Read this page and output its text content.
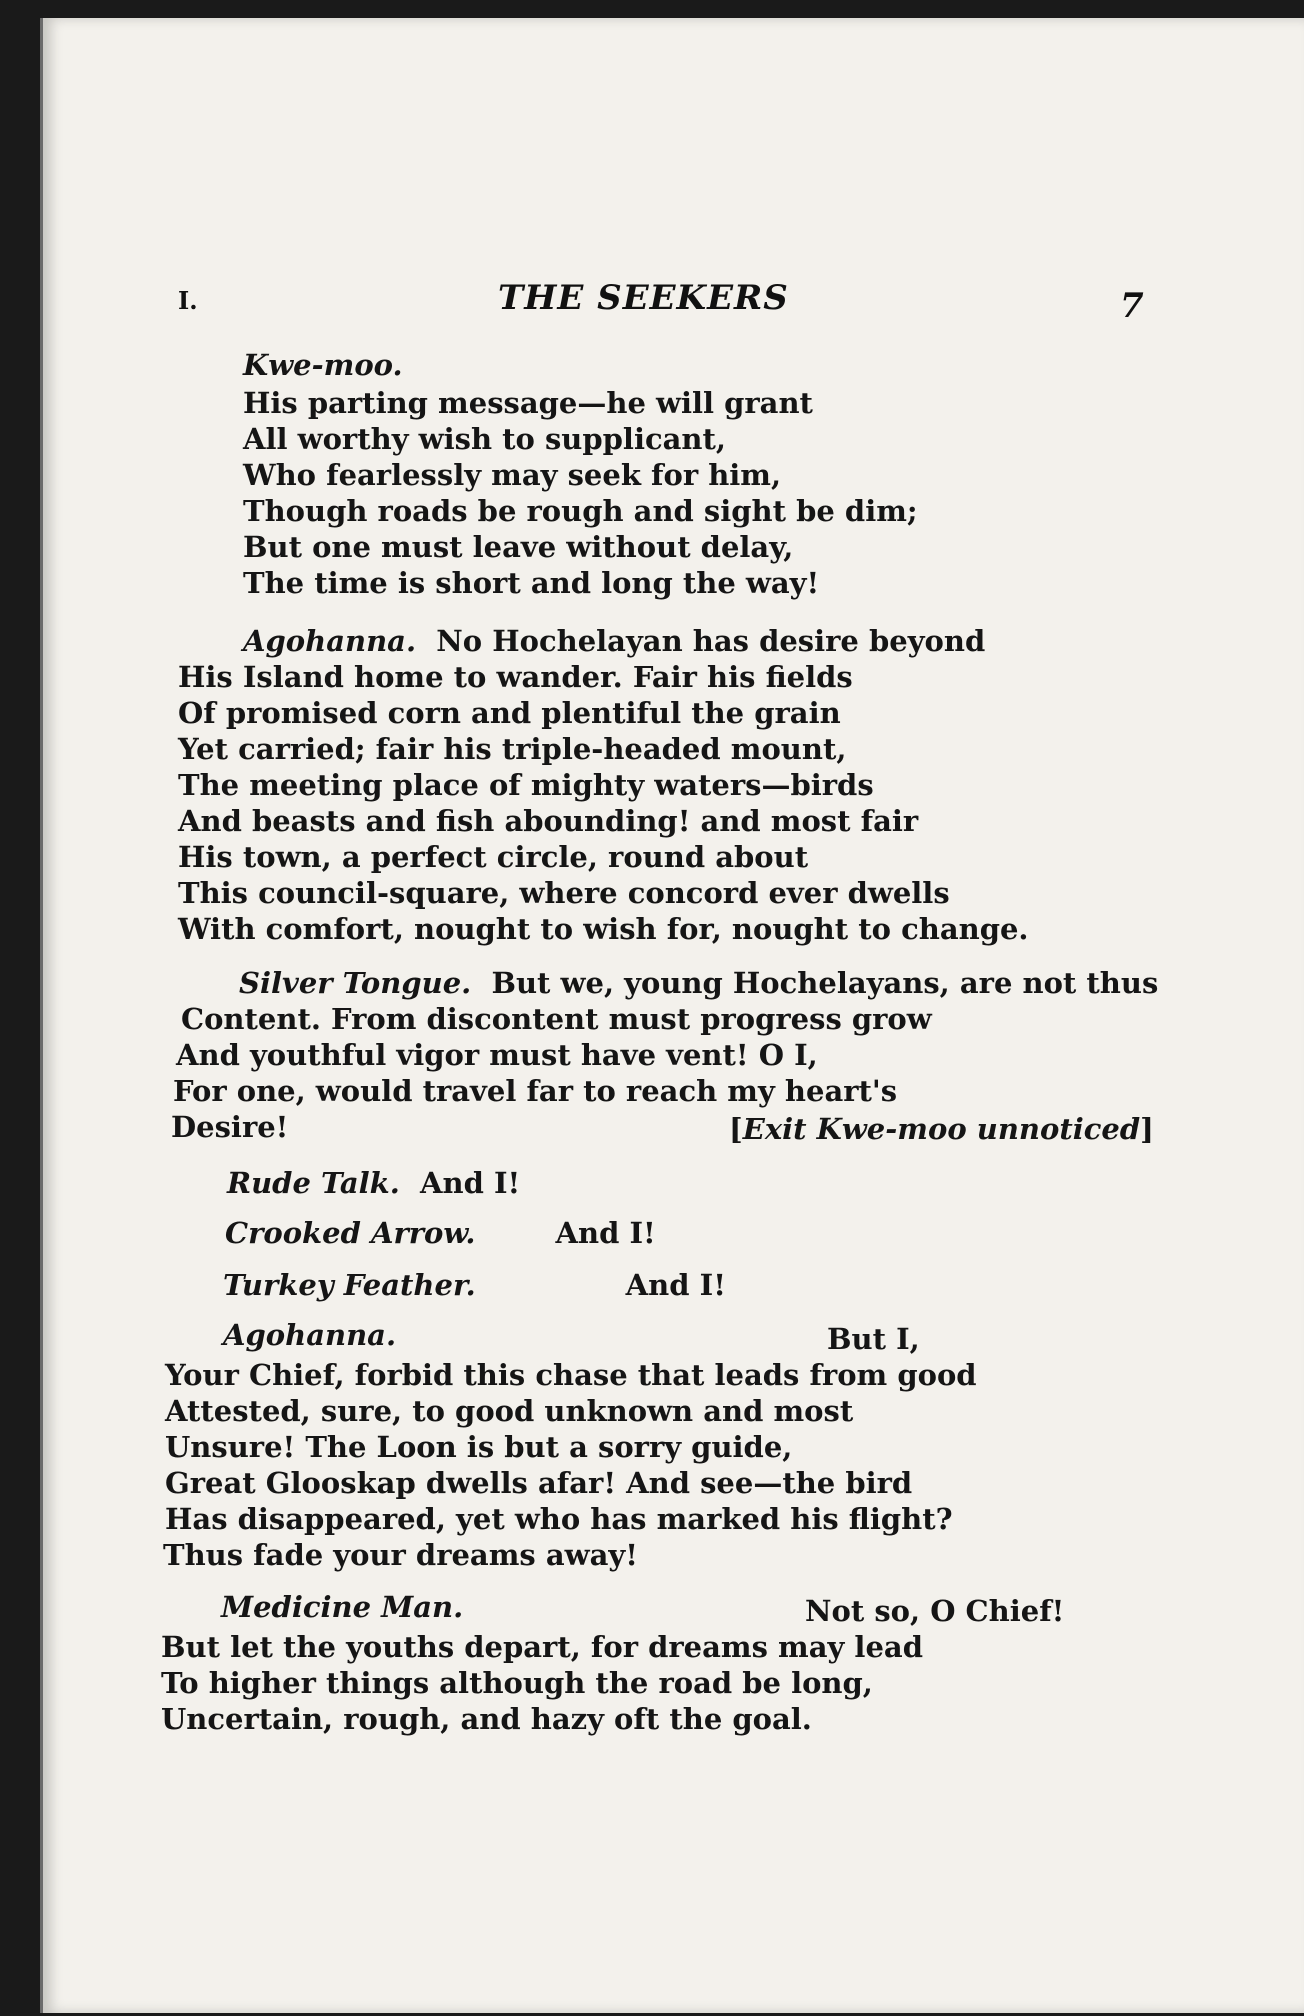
I.	THE SEEKERS	7
Kwe-moo.
His parting message—he will grant
All worthy wish to supplicant,
Who fearlessly may seek for him,
Though roads be rough and sight be dim;
But one must leave without delay,
The time is short and long the way!
Agohanna. No Hochelayan has desire beyond
His Island home to wander. Fair his fields
Of promised corn and plentiful the grain
Yet carried; fair his triple-headed mount,
The meeting place of mighty waters—birds
And beasts and fish abounding! and most fair
His town, a perfect circle, round about
This council-square, where concord ever dwells
With comfort, nought to wish for, nought to change.
Silver Tongue. But we, young Hochelayans, are not thus
Content. From discontent must progress grow
And youthful vigor must have vent! O I,
For one, would travel far to reach my heart's
Desire!	[Exit Kwe-moo unnoticed]
Rude Talk. And I!
Crooked Arrow.	And I!
Turkey Feather.	And I!
Agohanna.	But I,
Your Chief, forbid this chase that leads from good
Attested, sure, to good unknown and most
Unsure! The Loon is but a sorry guide,
Great Glooskap dwells afar! And see—the bird
Has disappeared, yet who has marked his flight?
Thus fade your dreams away!
Medicine Man.	Not so, O Chief!
But let the youths depart, for dreams may lead
To higher things although the road be long,
Uncertain, rough, and hazy oft the goal.
